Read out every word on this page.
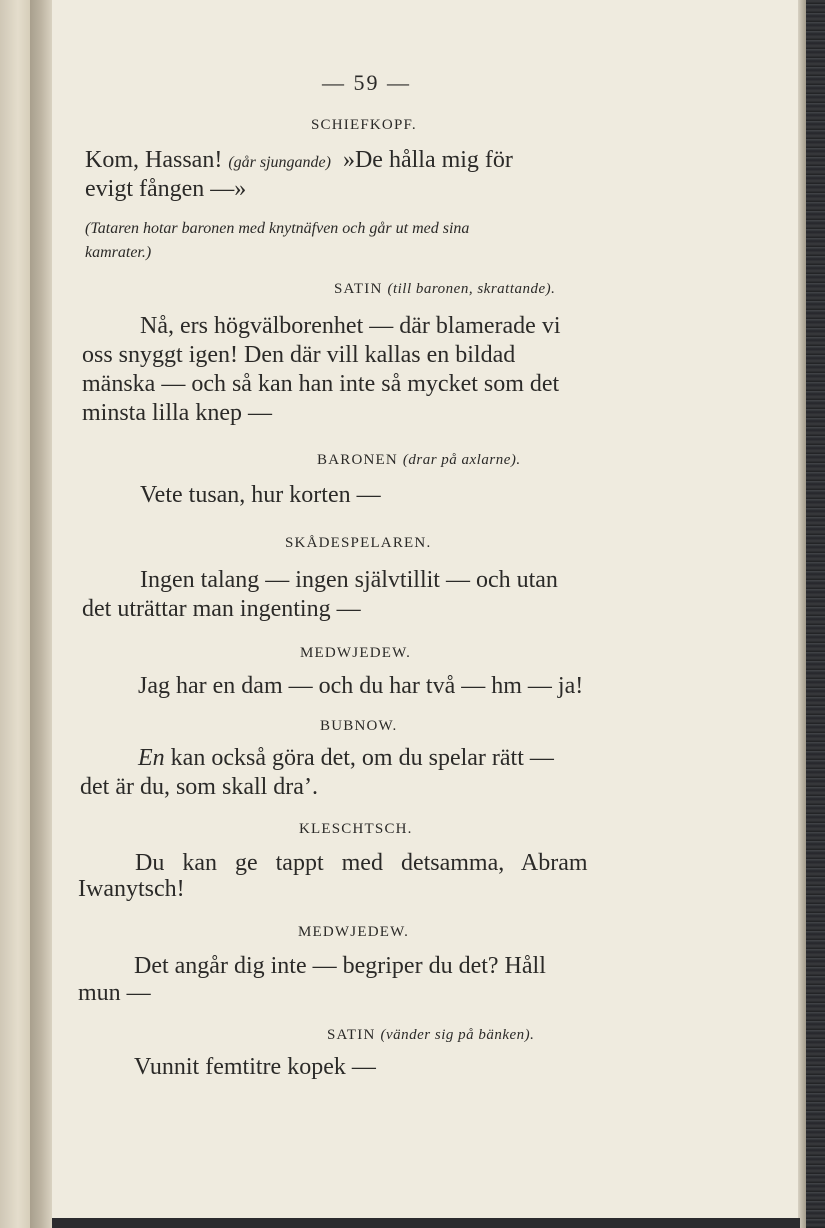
— 59 —
SCHIEFKOPF.
Kom, Hassan! (går sjungande) »De hålla mig för
evigt fången —»
(Tataren hotar baronen med knytnäfven och går ut med sina
kamrater.)
SATIN (till baronen, skrattande).
Nå, ers högvälborenhet — där blamerade vi
oss snyggt igen! Den där vill kallas en bildad
mänska — och så kan han inte så mycket som det
minsta lilla knep —
BARONEN (drar på axlarne).
Vete tusan, hur korten —
SKÅDESPELAREN.
Ingen talang — ingen självtillit — och utan
det uträttar man ingenting —
MEDWJEDEW.
Jag har en dam — och du har två — hm — ja!
BUBNOW.
En kan också göra det, om du spelar rätt —
det är du, som skall dra’.
KLESCHTSCH.
Du kan ge tappt med detsamma, Abram
Iwanytsch!
MEDWJEDEW.
Det angår dig inte — begriper du det? Håll
mun —
SATIN (vänder sig på bänken).
Vunnit femtitre kopek —
